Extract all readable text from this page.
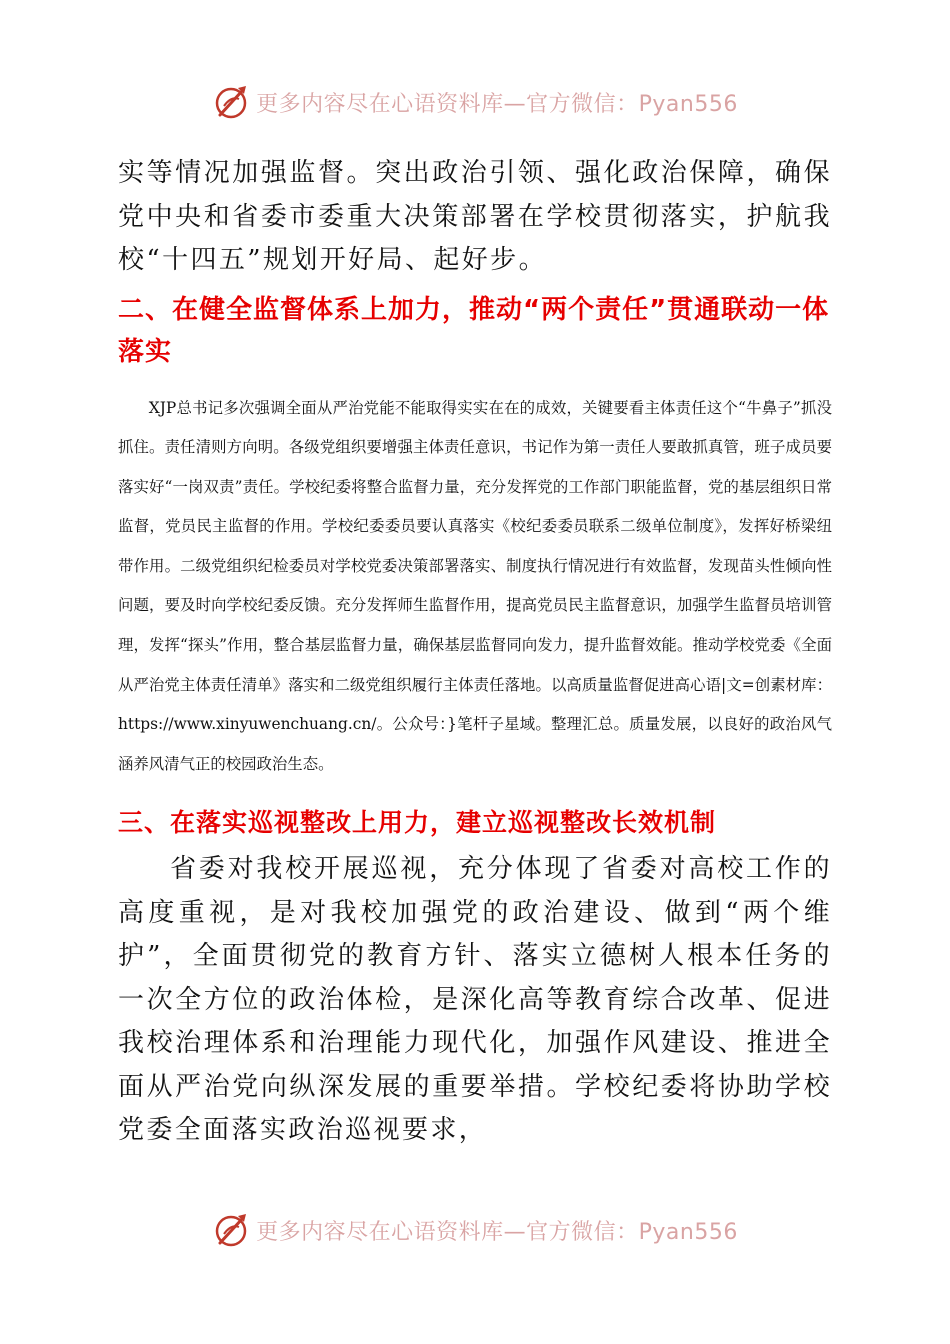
更多内容尽在心语资料库—官方微信：Pyan556

实等情况加强监督。突出政治引领、强化政治保障，确保党中央和省委市委重大决策部署在学校贯彻落实，护航我校“十四五”规划开好局、起好步。

二、在健全监督体系上加力，推动“两个责任”贯通联动一体落实

XJP总书记多次强调全面从严治党能不能取得实实在在的成效，关键要看主体责任这个“牛鼻子”抓没抓住。责任清则方向明。各级党组织要增强主体责任意识，书记作为第一责任人要敢抓真管，班子成员要落实好“一岗双责”责任。学校纪委将整合监督力量，充分发挥党的工作部门职能监督，党的基层组织日常监督，党员民主监督的作用。学校纪委委员要认真落实《校纪委委员联系二级单位制度》，发挥好桥梁纽带作用。二级党组织纪检委员对学校党委决策部署落实、制度执行情况进行有效监督，发现苗头性倾向性问题，要及时向学校纪委反馈。充分发挥师生监督作用，提高党员民主监督意识，加强学生监督员培训管理，发挥“探头”作用，整合基层监督力量，确保基层监督同向发力，提升监督效能。推动学校党委《全面从严治党主体责任清单》落实和二级党组织履行主体责任落地。以高质量监督促进高心语|文=创素材库：https://www.xinyuwenchuang.cn/。公众号：}笔杆子星域。整理汇总。质量发展，以良好的政治风气涵养风清气正的校园政治生态。

三、在落实巡视整改上用力，建立巡视整改长效机制

省委对我校开展巡视，充分体现了省委对高校工作的高度重视，是对我校加强党的政治建设、做到“两个维护”，全面贯彻党的教育方针、落实立德树人根本任务的一次全方位的政治体检，是深化高等教育综合改革、促进我校治理体系和治理能力现代化，加强作风建设、推进全面从严治党向纵深发展的重要举措。学校纪委将协助学校党委全面落实政治巡视要求，

更多内容尽在心语资料库—官方微信：Pyan556
